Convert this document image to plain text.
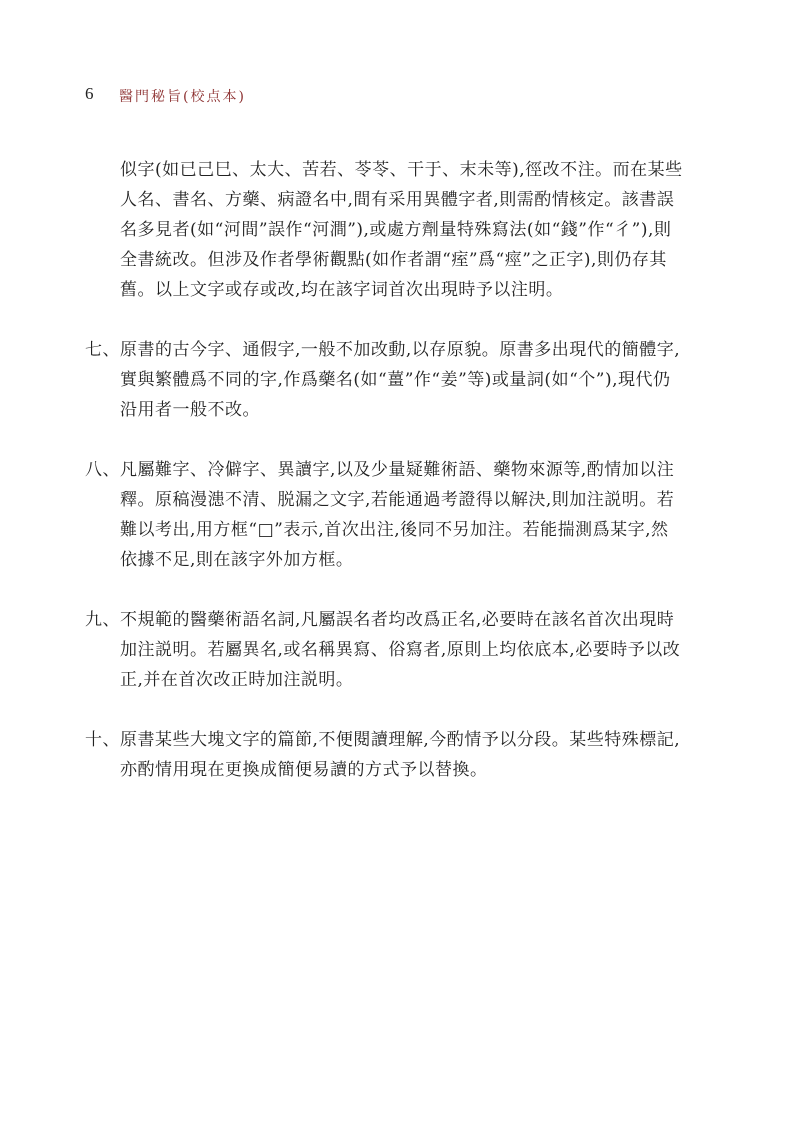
6 醫門秘旨(校点本)
似字(如已己巳、太大、苦若、苓苓、干于、末未等),徑改不注。而在某些人名、書名、方藥、病證名中,間有采用異體字者,則需酌情核定。該書誤名多見者(如“河間”誤作“河澗”),或處方劑量特殊寫法(如“錢”作“彳”),則全書統改。但涉及作者學術觀點(如作者謂“痓”爲“痙”之正字),則仍存其舊。以上文字或存或改,均在該字词首次出現時予以注明。
七、 原書的古今字、通假字,一般不加改動,以存原貌。原書多出現代的簡體字,實與繁體爲不同的字,作爲藥名(如“薑”作“姜”等)或量詞(如“个”),現代仍沿用者一般不改。
八、 凡屬難字、冷僻字、異讀字,以及少量疑難術語、藥物來源等,酌情加以注釋。原稿漫漶不清、脱漏之文字,若能通過考證得以解決,則加注説明。若難以考出,用方框“□”表示,首次出注,後同不另加注。若能揣測爲某字,然依據不足,則在該字外加方框。
九、 不規範的醫藥術語名詞,凡屬誤名者均改爲正名,必要時在該名首次出現時加注説明。若屬異名,或名稱異寫、俗寫者,原則上均依底本,必要時予以改正,并在首次改正時加注説明。
十、 原書某些大塊文字的篇節,不便閱讀理解,今酌情予以分段。某些特殊標記,亦酌情用現在更換成簡便易讀的方式予以替換。
